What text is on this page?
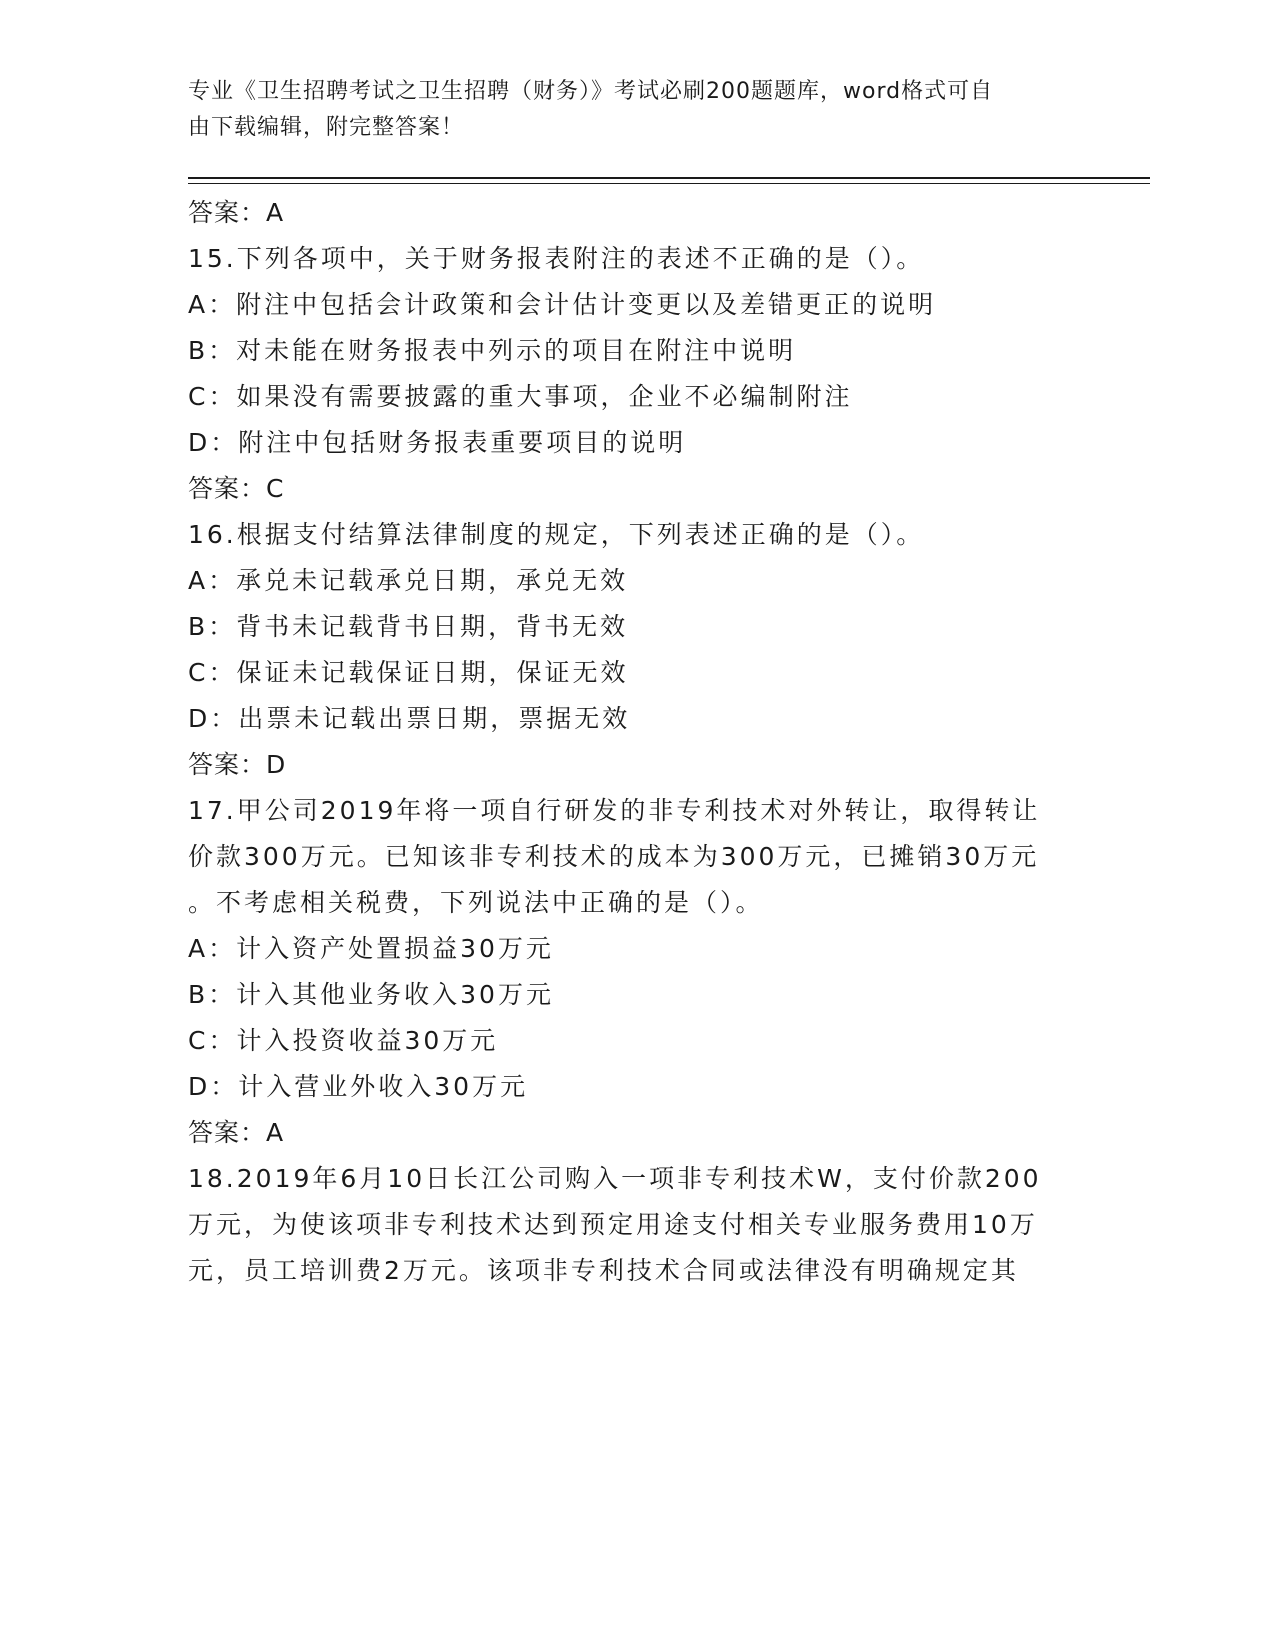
专业《卫生招聘考试之卫生招聘（财务）》考试必刷200题题库，word格式可自
由下载编辑，附完整答案！

答案：A

15.下列各项中，关于财务报表附注的表述不正确的是（）。

A：附注中包括会计政策和会计估计变更以及差错更正的说明

B：对未能在财务报表中列示的项目在附注中说明

C：如果没有需要披露的重大事项，企业不必编制附注

D：附注中包括财务报表重要项目的说明

答案：C

16.根据支付结算法律制度的规定，下列表述正确的是（）。

A：承兑未记载承兑日期，承兑无效

B：背书未记载背书日期，背书无效

C：保证未记载保证日期，保证无效

D：出票未记载出票日期，票据无效

答案：D

17.甲公司2019年将一项自行研发的非专利技术对外转让，取得转让

价款300万元。已知该非专利技术的成本为300万元，已摊销30万元

。不考虑相关税费，下列说法中正确的是（）。

A：计入资产处置损益30万元

B：计入其他业务收入30万元

C：计入投资收益30万元

D：计入营业外收入30万元

答案：A

18.2019年6月10日长江公司购入一项非专利技术W，支付价款200

万元，为使该项非专利技术达到预定用途支付相关专业服务费用10万

元，员工培训费2万元。该项非专利技术合同或法律没有明确规定其
